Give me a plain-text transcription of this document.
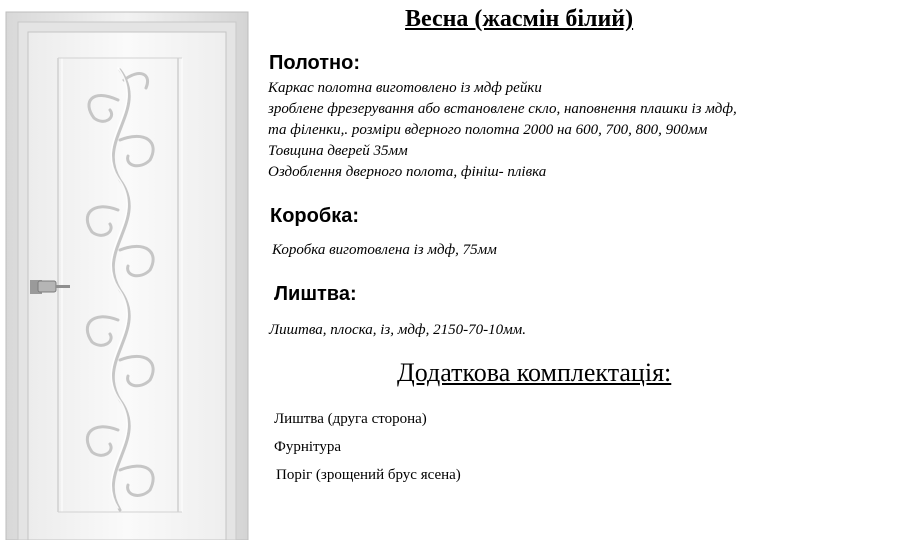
Весна (жасмін білий)
Полотно:
Каркас полотна виготовлено із мдф рейки
зроблене фрезерування або встановлене скло, наповнення плашки із мдф,
та філенки,. розміри вдерного полотна 2000 на 600, 700, 800, 900мм
Товщина дверей 35мм
Оздоблення дверного полота, фініш- плівка
Коробка:
Коробка виготовлена із мдф, 75мм
Лиштва:
Лиштва, плоска, із, мдф, 2150-70-10мм.
Додаткова комплектація:
Лиштва (друга сторона)
Фурнітура
Поріг (зрощений брус ясена)
